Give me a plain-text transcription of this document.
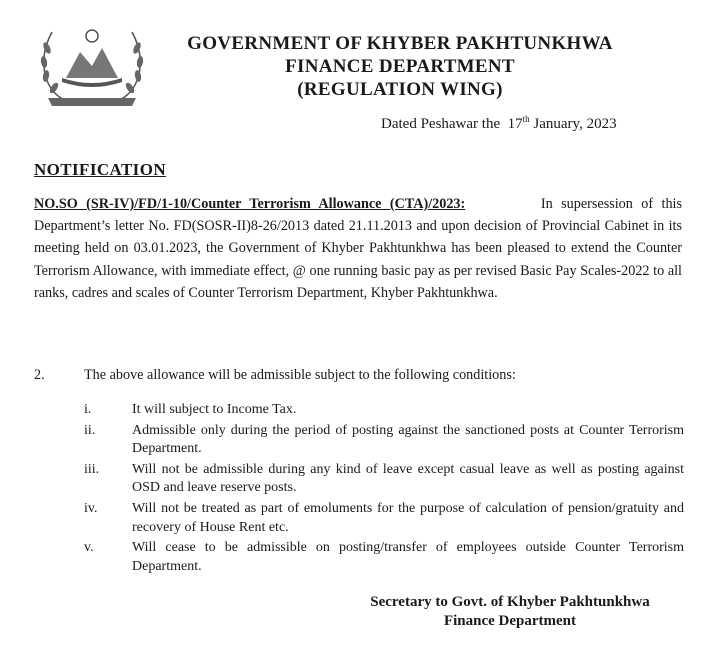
GOVERNMENT OF KHYBER PAKHTUNKHWA
FINANCE DEPARTMENT
(REGULATION WING)
Dated Peshawar the 17th January, 2023
NOTIFICATION
NO.SO (SR-IV)/FD/1-10/Counter Terrorism Allowance (CTA)/2023:	In supersession of this Department’s letter No. FD(SOSR-II)8-26/2013 dated 21.11.2013 and upon decision of Provincial Cabinet in its meeting held on 03.01.2023, the Government of Khyber Pakhtunkhwa has been pleased to extend the Counter Terrorism Allowance, with immediate effect, @ one running basic pay as per revised Basic Pay Scales-2022 to all ranks, cadres and scales of Counter Terrorism Department, Khyber Pakhtunkhwa.
2.	The above allowance will be admissible subject to the following conditions:
i.	It will subject to Income Tax.
ii.	Admissible only during the period of posting against the sanctioned posts at Counter Terrorism Department.
iii. Will not be admissible during any kind of leave except casual leave as well as posting against OSD and leave reserve posts.
iv. Will not be treated as part of emoluments for the purpose of calculation of pension/gratuity and recovery of House Rent etc.
v.	Will cease to be admissible on posting/transfer of employees outside Counter Terrorism Department.
Secretary to Govt. of Khyber Pakhtunkhwa
Finance Department
